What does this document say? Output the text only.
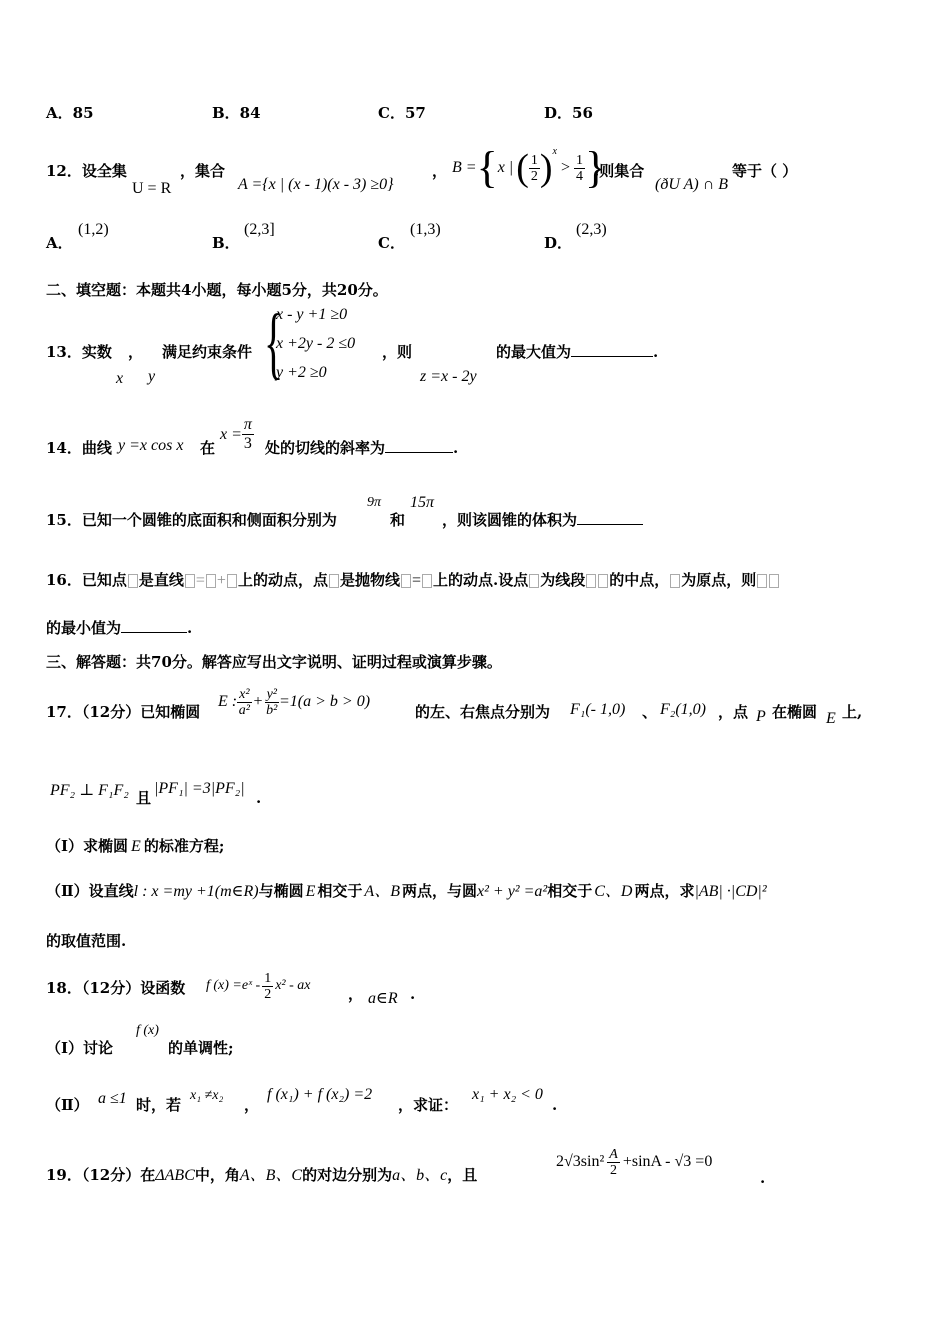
A．85	B．84	C．57	D．56
12．设全集
U = R
，集合
A ={x | (x - 1)(x - 3) ≥0}
， B = { x | ( $\frac{1}{2}$ ) x
> $\frac{1}{4}$ }
.则集合
(ðU A) ∩ B
等于（ ）
A．
(1,2)
B．
(2,3]
C．
(1,3)
D．
(2,3)
二、填空题：本题共4小题，每小题5分，共20分。
13．实数 ， 满足约束条件
x y {
x - y +1 ≥0
x +2y - 2 ≤0
y +2 ≥0
，则
z =x - 2y
的最大值为	.
14．曲线 y =x cos x 在
$x = \frac{\pi}{3}$ 处的切线的斜率为	.
15．已知一个圆锥的底面积和侧面积分别为
9π
和
15π
，则该圆锥的体积为
16．已知点 是直线 = + 上的动点，点 是抛物线 = 上的动点.设点 为线段 的中点， 为原点，则
的最小值为	.
三、解答题：共70分。解答应写出文字说明、证明过程或演算步骤。
17．（12分）已知椭圆
E : $\frac{\text{x²}}{\text{a²}} + \frac{\text{y²}}{\text{b²}} =1(a > b > 0)$
的左、右焦点分别为 F₁(- 1,0) 、 F₂(1,0) ，点 P 在椭圆 E 上,
PF₂ ⊥ F₁F₂ 且
|PF₁| =3|PF₂|
.
（Ⅰ）求椭圆 E 的标准方程;
（Ⅱ）设直线l : x =my +1(m∈R)与椭圆 E 相交于 A、B 两点，与圆x² + y² =a²相交于 C、D 两点，求|AB| ·|CD|²
的取值范围.
18．（12分）设函数 f (x) =eˣ - $\frac{1}{2} x^2$ - ax	， a∈R .
（Ⅰ）讨论
f (x)
的单调性;
（Ⅱ） a ≤1 时，若
x₁ ≠x₂
，
f (x₁) + f (x₂) =2
，求证：
x₁ + x₂ < 0
.
19．（12分）在ΔABC中，角A、B、C的对边分别为a、b、c，且
$2√3\sin^2 \frac{A}{2} +\sin A - √3 =0$
.
